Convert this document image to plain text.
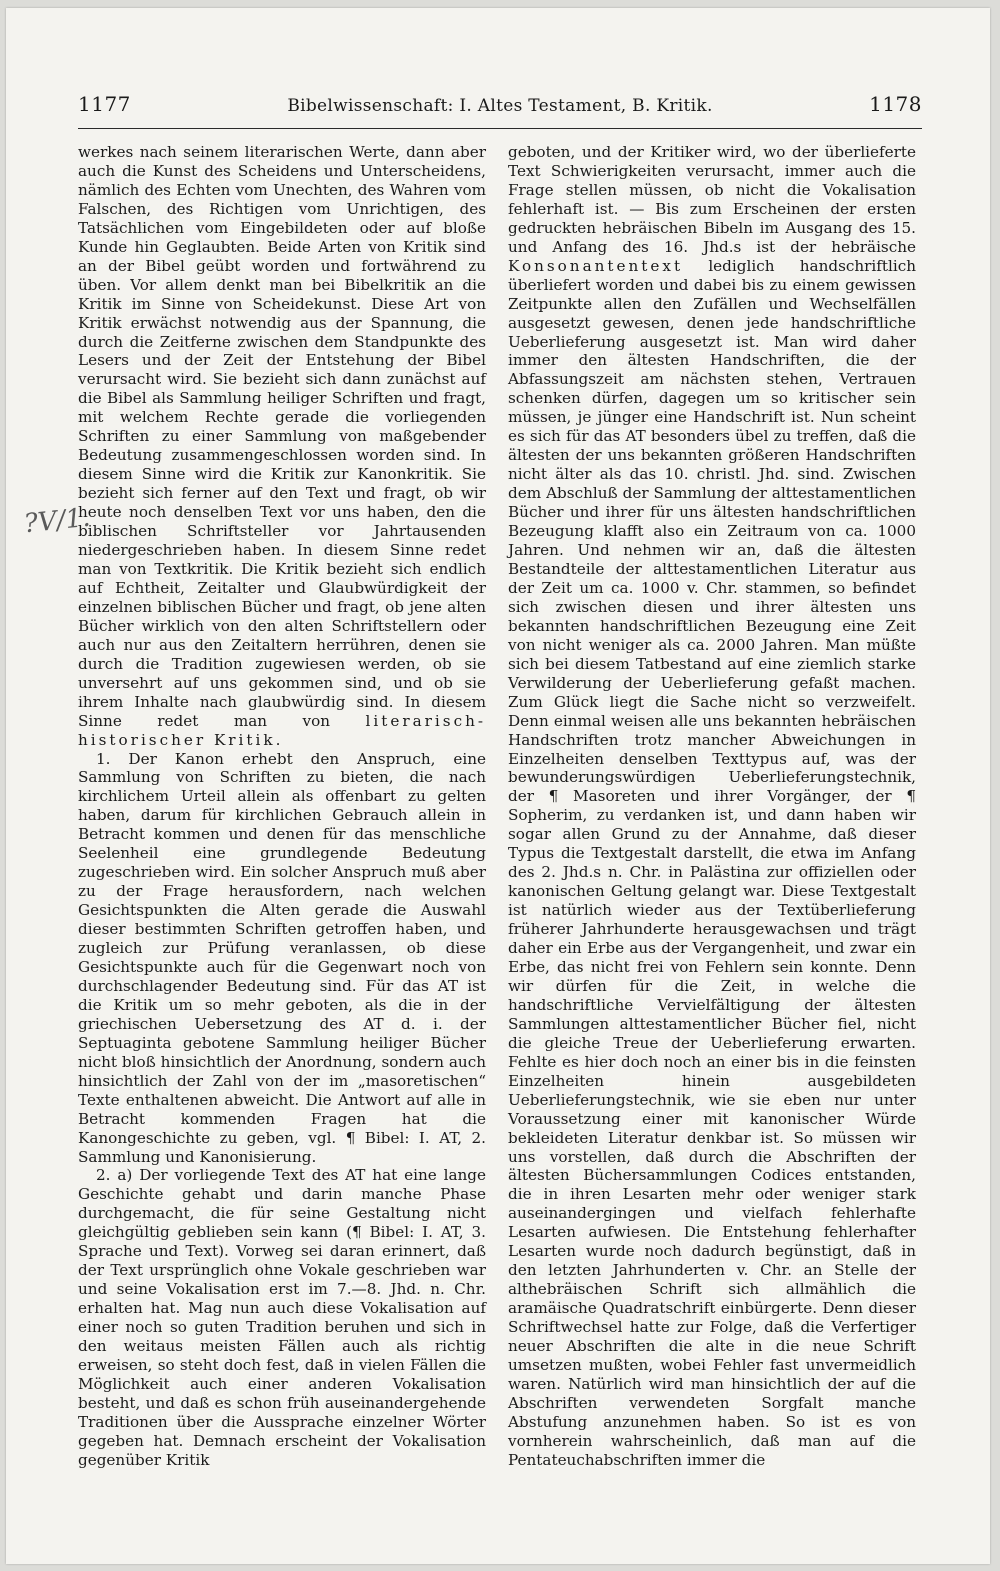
?V/1.
1177	Bibelwissenschaft: I. Altes Testament, B. Kritik.	1178

werkes nach seinem literarischen Werte, dann aber auch die Kunst des Scheidens und Unterscheidens, nämlich des Echten vom Unechten, des Wahren vom Falschen, des Richtigen vom Unrichtigen, des Tatsächlichen vom Eingebildeten oder auf bloße Kunde hin Geglaubten. Beide Arten von Kritik sind an der Bibel geübt worden und fortwährend zu üben. Vor allem denkt man bei Bibelkritik an die Kritik im Sinne von Scheidekunst. Diese Art von Kritik erwächst notwendig aus der Spannung, die durch die Zeitferne zwischen dem Standpunkte des Lesers und der Zeit der Entstehung der Bibel verursacht wird. Sie bezieht sich dann zunächst auf die Bibel als Sammlung heiliger Schriften und fragt, mit welchem Rechte gerade die vorliegenden Schriften zu einer Sammlung von maßgebender Bedeutung zusammengeschlossen worden sind. In diesem Sinne wird die Kritik zur Kanonkritik. Sie bezieht sich ferner auf den Text und fragt, ob wir heute noch denselben Text vor uns haben, den die biblischen Schriftsteller vor Jahrtausenden niedergeschrieben haben. In diesem Sinne redet man von Textkritik. Die Kritik bezieht sich endlich auf Echtheit, Zeitalter und Glaubwürdigkeit der einzelnen biblischen Bücher und fragt, ob jene alten Bücher wirklich von den alten Schriftstellern oder auch nur aus den Zeitaltern herrühren, denen sie durch die Tradition zugewiesen werden, ob sie unversehrt auf uns gekommen sind, und ob sie ihrem Inhalte nach glaubwürdig sind. In diesem Sinne redet man von literarisch-historischer Kritik.

1. Der Kanon erhebt den Anspruch, eine Sammlung von Schriften zu bieten, die nach kirchlichem Urteil allein als offenbart zu gelten haben, darum für kirchlichen Gebrauch allein in Betracht kommen und denen für das menschliche Seelenheil eine grundlegende Bedeutung zugeschrieben wird. Ein solcher Anspruch muß aber zu der Frage herausfordern, nach welchen Gesichtspunkten die Alten gerade die Auswahl dieser bestimmten Schriften getroffen haben, und zugleich zur Prüfung veranlassen, ob diese Gesichtspunkte auch für die Gegenwart noch von durchschlagender Bedeutung sind. Für das AT ist die Kritik um so mehr geboten, als die in der griechischen Uebersetzung des AT d. i. der Septuaginta gebotene Sammlung heiliger Bücher nicht bloß hinsichtlich der Anordnung, sondern auch hinsichtlich der Zahl von der im „masoretischen“ Texte enthaltenen abweicht. Die Antwort auf alle in Betracht kommenden Fragen hat die Kanongeschichte zu geben, vgl. ¶ Bibel: I. AT, 2. Sammlung und Kanonisierung.

2. a) Der vorliegende Text des AT hat eine lange Geschichte gehabt und darin manche Phase durchgemacht, die für seine Gestaltung nicht gleichgültig geblieben sein kann (¶ Bibel: I. AT, 3. Sprache und Text). Vorweg sei daran erinnert, daß der Text ursprünglich ohne Vokale geschrieben war und seine Vokalisation erst im 7.—8. Jhd. n. Chr. erhalten hat. Mag nun auch diese Vokalisation auf einer noch so guten Tradition beruhen und sich in den weitaus meisten Fällen auch als richtig erweisen, so steht doch fest, daß in vielen Fällen die Möglichkeit auch einer anderen Vokalisation besteht, und daß es schon früh auseinandergehende Traditionen über die Aussprache einzelner Wörter gegeben hat. Demnach erscheint der Vokalisation gegenüber Kritik

geboten, und der Kritiker wird, wo der überlieferte Text Schwierigkeiten verursacht, immer auch die Frage stellen müssen, ob nicht die Vokalisation fehlerhaft ist. — Bis zum Erscheinen der ersten gedruckten hebräischen Bibeln im Ausgang des 15. und Anfang des 16. Jhd.s ist der hebräische Konsonantentext lediglich handschriftlich überliefert worden und dabei bis zu einem gewissen Zeitpunkte allen den Zufällen und Wechselfällen ausgesetzt gewesen, denen jede handschriftliche Ueberlieferung ausgesetzt ist. Man wird daher immer den ältesten Handschriften, die der Abfassungszeit am nächsten stehen, Vertrauen schenken dürfen, dagegen um so kritischer sein müssen, je jünger eine Handschrift ist. Nun scheint es sich für das AT besonders übel zu treffen, daß die ältesten der uns bekannten größeren Handschriften nicht älter als das 10. christl. Jhd. sind. Zwischen dem Abschluß der Sammlung der alttestamentlichen Bücher und ihrer für uns ältesten handschriftlichen Bezeugung klafft also ein Zeitraum von ca. 1000 Jahren. Und nehmen wir an, daß die ältesten Bestandteile der alttestamentlichen Literatur aus der Zeit um ca. 1000 v. Chr. stammen, so befindet sich zwischen diesen und ihrer ältesten uns bekannten handschriftlichen Bezeugung eine Zeit von nicht weniger als ca. 2000 Jahren. Man müßte sich bei diesem Tatbestand auf eine ziemlich starke Verwilderung der Ueberlieferung gefaßt machen. Zum Glück liegt die Sache nicht so verzweifelt. Denn einmal weisen alle uns bekannten hebräischen Handschriften trotz mancher Abweichungen in Einzelheiten denselben Texttypus auf, was der bewunderungswürdigen Ueberlieferungstechnik, der ¶ Masoreten und ihrer Vorgänger, der ¶ Sopherim, zu verdanken ist, und dann haben wir sogar allen Grund zu der Annahme, daß dieser Typus die Textgestalt darstellt, die etwa im Anfang des 2. Jhd.s n. Chr. in Palästina zur offiziellen oder kanonischen Geltung gelangt war. Diese Textgestalt ist natürlich wieder aus der Textüberlieferung früherer Jahrhunderte herausgewachsen und trägt daher ein Erbe aus der Vergangenheit, und zwar ein Erbe, das nicht frei von Fehlern sein konnte. Denn wir dürfen für die Zeit, in welche die handschriftliche Vervielfältigung der ältesten Sammlungen alttestamentlicher Bücher fiel, nicht die gleiche Treue der Ueberlieferung erwarten. Fehlte es hier doch noch an einer bis in die feinsten Einzelheiten hinein ausgebildeten Ueberlieferungstechnik, wie sie eben nur unter Voraussetzung einer mit kanonischer Würde bekleideten Literatur denkbar ist. So müssen wir uns vorstellen, daß durch die Abschriften der ältesten Büchersammlungen Codices entstanden, die in ihren Lesarten mehr oder weniger stark auseinandergingen und vielfach fehlerhafte Lesarten aufwiesen. Die Entstehung fehlerhafter Lesarten wurde noch dadurch begünstigt, daß in den letzten Jahrhunderten v. Chr. an Stelle der althebräischen Schrift sich allmählich die aramäische Quadratschrift einbürgerte. Denn dieser Schriftwechsel hatte zur Folge, daß die Verfertiger neuer Abschriften die alte in die neue Schrift umsetzen mußten, wobei Fehler fast unvermeidlich waren. Natürlich wird man hinsichtlich der auf die Abschriften verwendeten Sorgfalt manche Abstufung anzunehmen haben. So ist es von vornherein wahrscheinlich, daß man auf die Pentateuchabschriften immer die
